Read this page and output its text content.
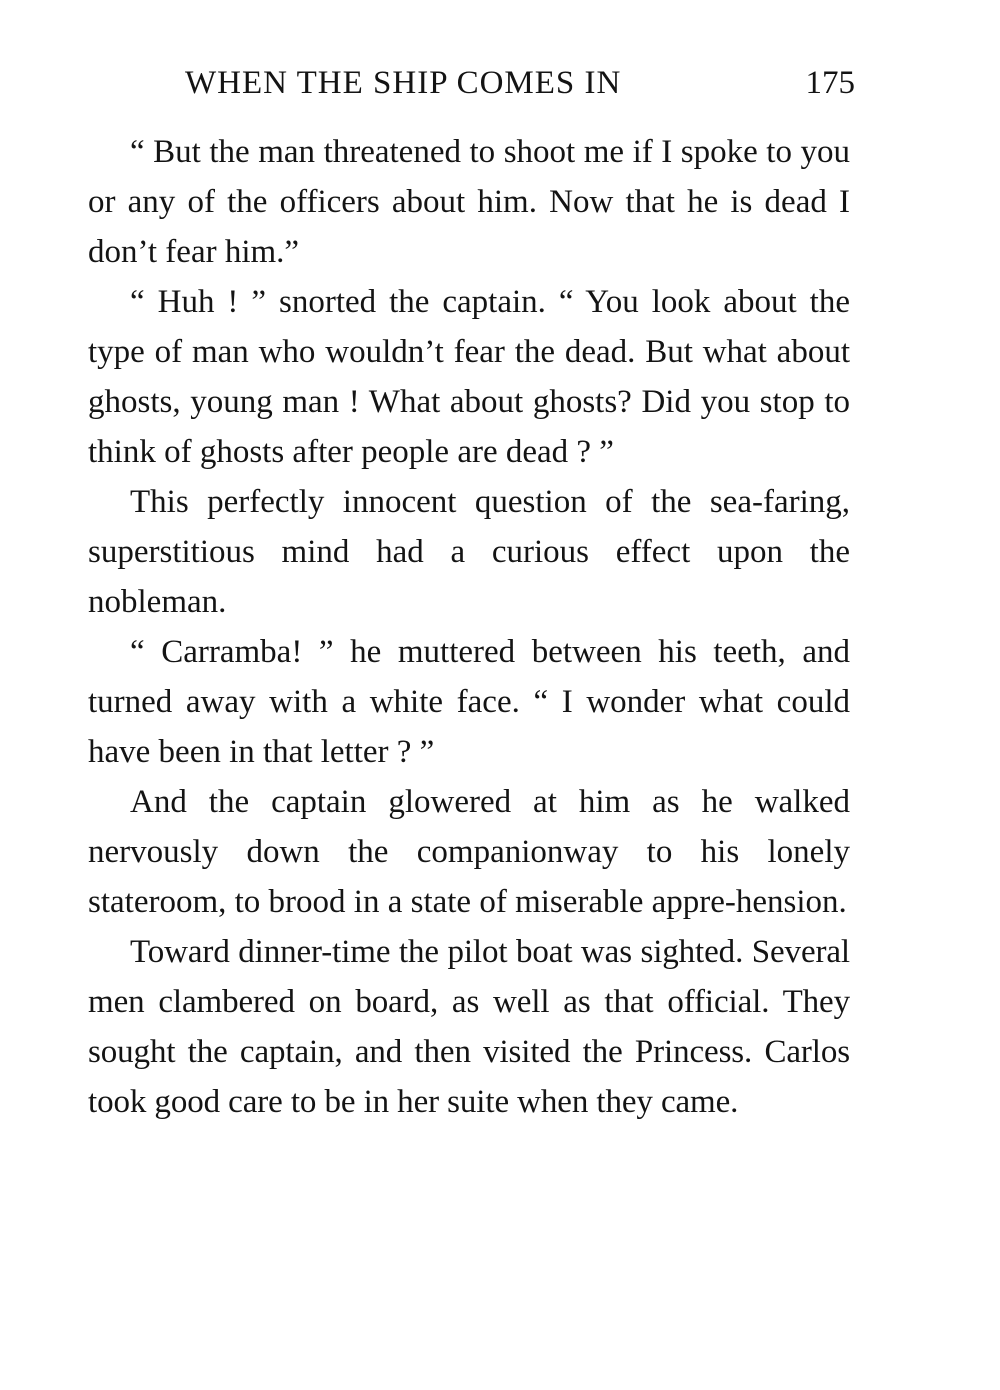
WHEN THE SHIP COMES IN	175

“ But the man threatened to shoot me if I spoke to you or any of the officers about him. Now that he is dead I don’t fear him.”

“ Huh ! ” snorted the captain. “ You look about the type of man who wouldn’t fear the dead. But what about ghosts, young man ! What about ghosts? Did you stop to think of ghosts after people are dead ? ”

This perfectly innocent question of the sea-faring, superstitious mind had a curious effect upon the nobleman.

“ Carramba! ” he muttered between his teeth, and turned away with a white face. “ I wonder what could have been in that letter ? ”

And the captain glowered at him as he walked nervously down the companionway to his lonely stateroom, to brood in a state of miserable appre-hension.

Toward dinner-time the pilot boat was sighted. Several men clambered on board, as well as that official. They sought the captain, and then visited the Princess. Carlos took good care to be in her suite when they came.
